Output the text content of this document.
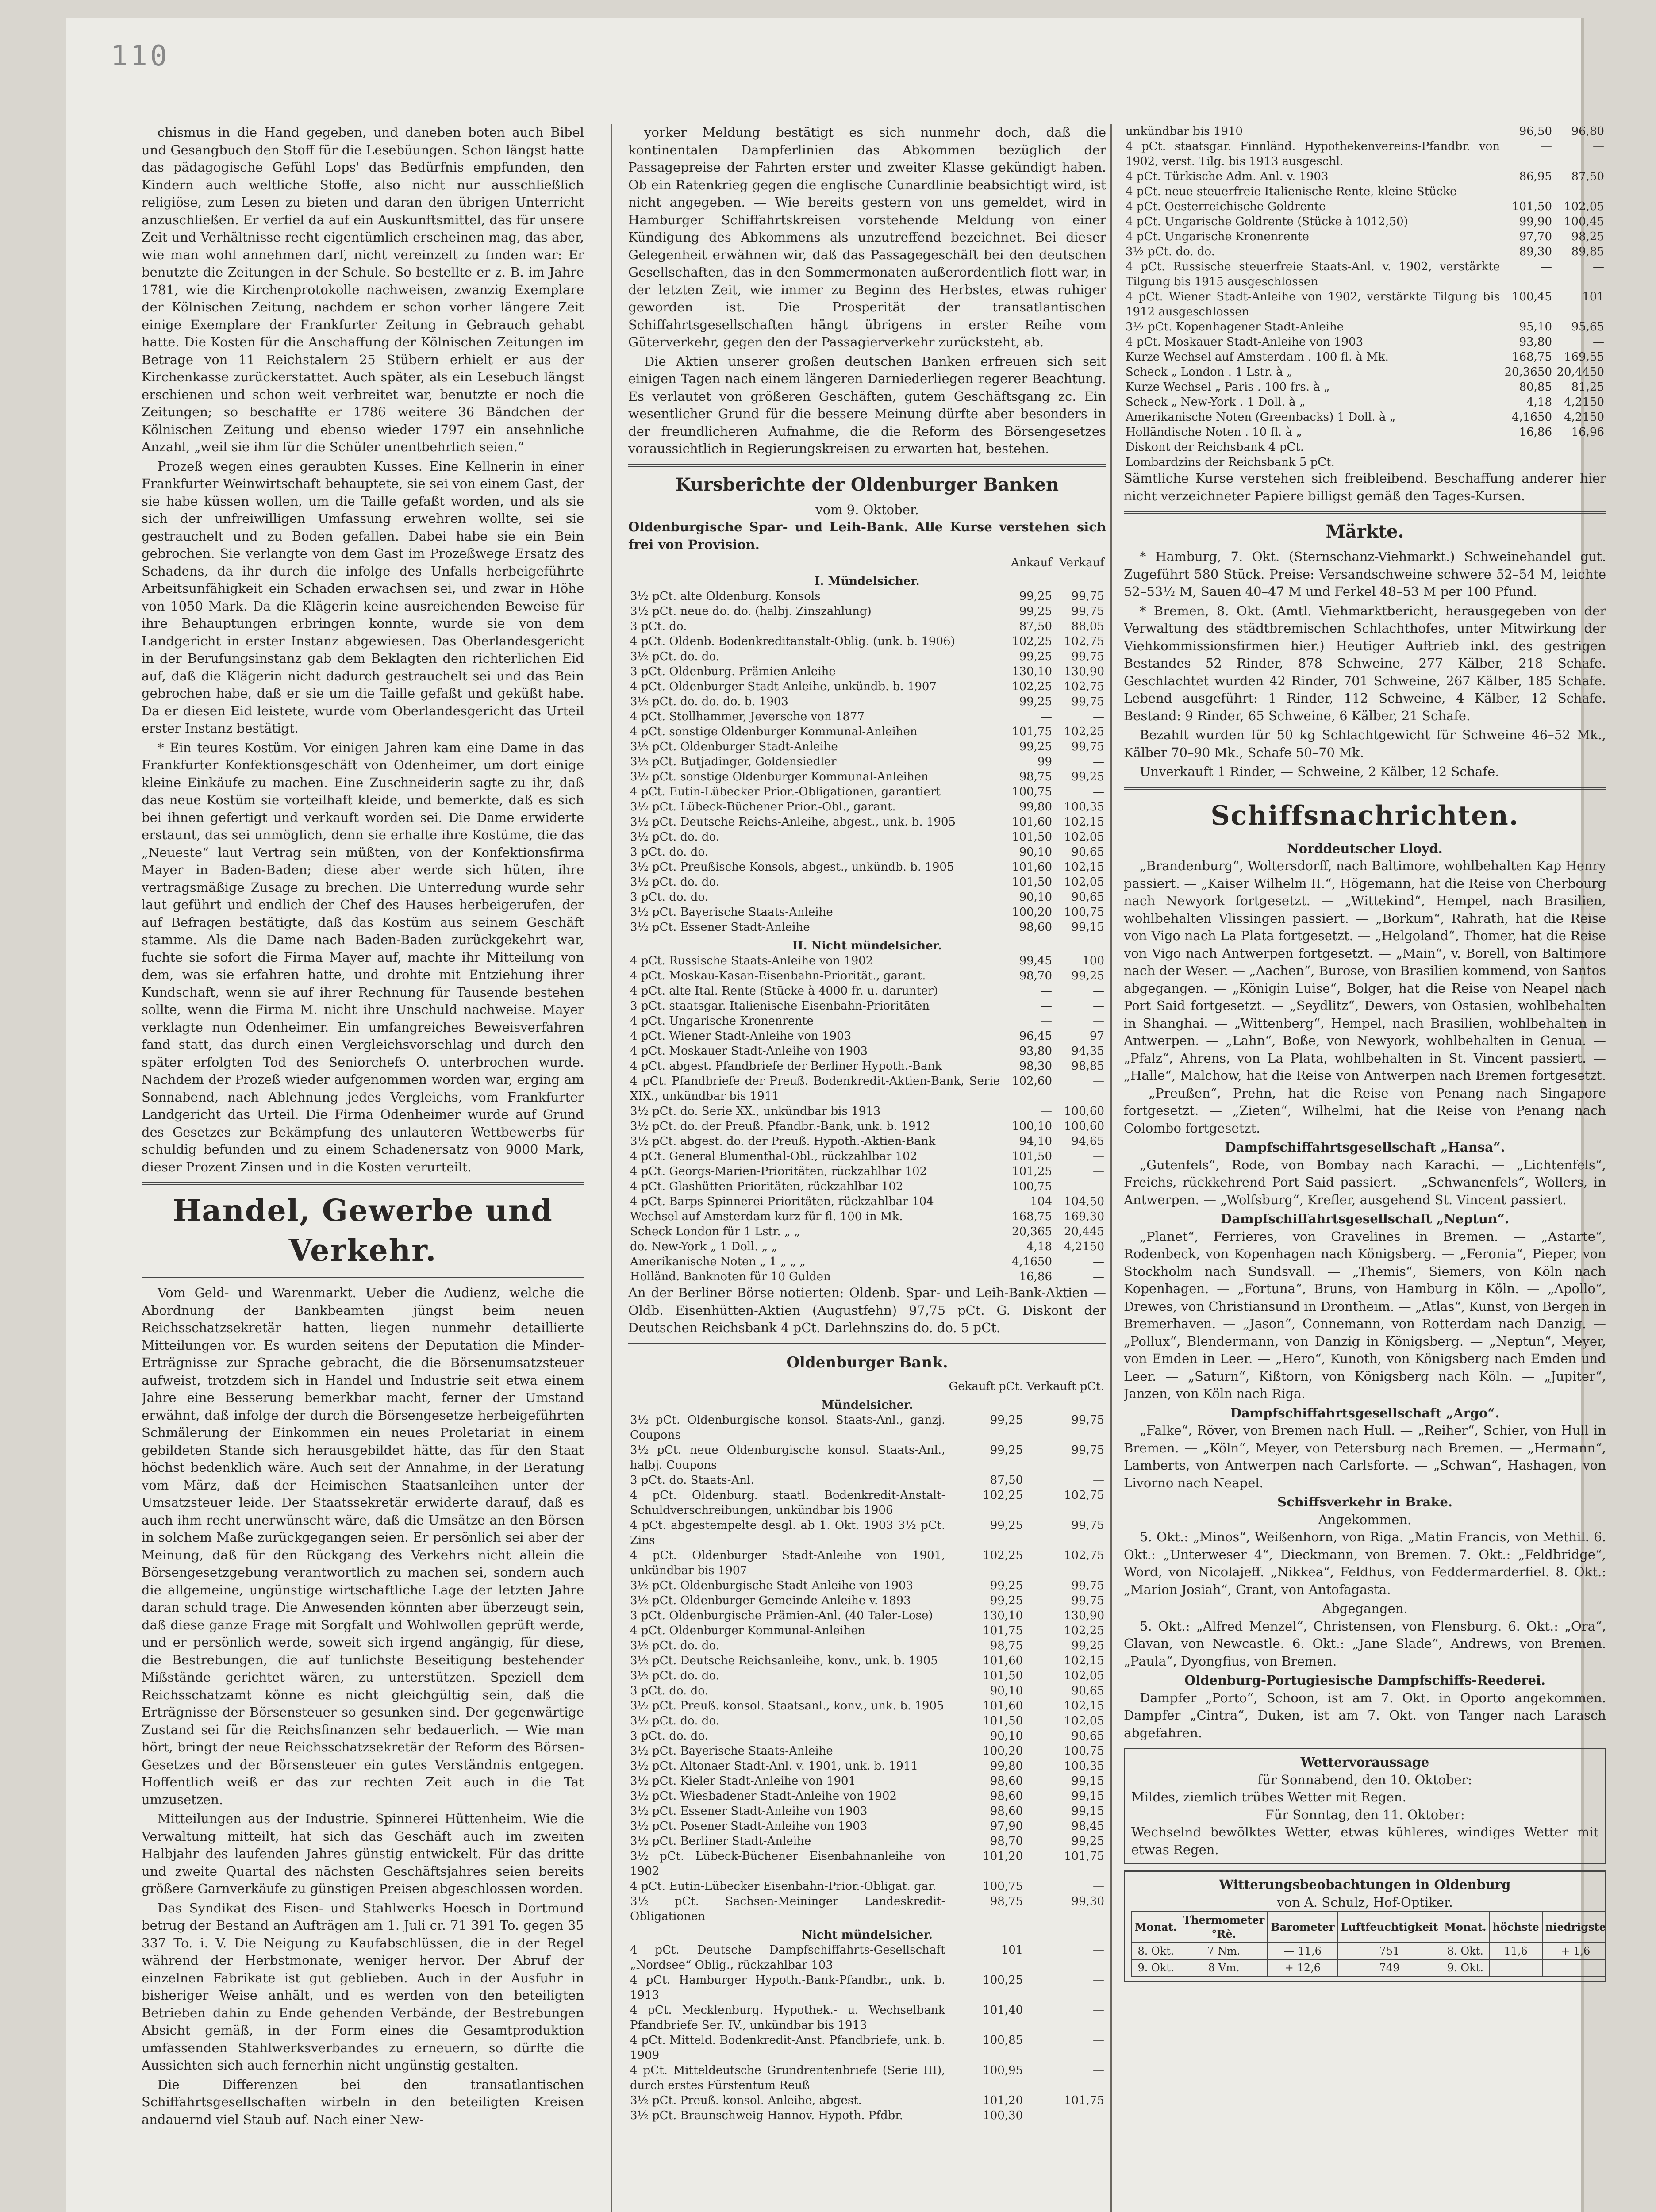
110

chismus in die Hand gegeben, und daneben boten auch Bibel und Gesangbuch den Stoff für die Lesebüungen. Schon längst hatte das pädagogische Gefühl Lops' das Bedürfnis empfunden, den Kindern auch weltliche Stoffe, also nicht nur ausschließlich religiöse, zum Lesen zu bieten und daran den übrigen Unterricht anzuschließen. Er verfiel da auf ein Auskunftsmittel, das für unsere Zeit und Verhältnisse recht eigentümlich erscheinen mag, das aber, wie man wohl annehmen darf, nicht vereinzelt zu finden war: Er benutzte die Zeitungen in der Schule. So bestellte er z. B. im Jahre 1781, wie die Kirchenprotokolle nachweisen, zwanzig Exemplare der Kölnischen Zeitung, nachdem er schon vorher längere Zeit einige Exemplare der Frankfurter Zeitung in Gebrauch gehabt hatte. Die Kosten für die Anschaffung der Kölnischen Zeitungen im Betrage von 11 Reichstalern 25 Stübern erhielt er aus der Kirchenkasse zurückerstattet. Auch später, als ein Lesebuch längst erschienen und schon weit verbreitet war, benutzte er noch die Zeitungen; so beschaffte er 1786 weitere 36 Bändchen der Kölnischen Zeitung und ebenso wieder 1797 ein ansehnliche Anzahl, „weil sie ihm für die Schüler unentbehrlich seien.“

Prozeß wegen eines geraubten Kusses. Eine Kellnerin in einer Frankfurter Weinwirtschaft behauptete, sie sei von einem Gast, der sie habe küssen wollen, um die Taille gefaßt worden, und als sie sich der unfreiwilligen Umfassung erwehren wollte, sei sie gestrauchelt und zu Boden gefallen. Dabei habe sie ein Bein gebrochen. Sie verlangte von dem Gast im Prozeßwege Ersatz des Schadens, da ihr durch die infolge des Unfalls herbeigeführte Arbeitsunfähigkeit ein Schaden erwachsen sei, und zwar in Höhe von 1050 Mark. Da die Klägerin keine ausreichenden Beweise für ihre Behauptungen erbringen konnte, wurde sie von dem Landgericht in erster Instanz abgewiesen. Das Oberlandesgericht in der Berufungsinstanz gab dem Beklagten den richterlichen Eid auf, daß die Klägerin nicht dadurch gestrauchelt sei und das Bein gebrochen habe, daß er sie um die Taille gefaßt und geküßt habe. Da er diesen Eid leistete, wurde vom Oberlandesgericht das Urteil erster Instanz bestätigt.

* Ein teures Kostüm. Vor einigen Jahren kam eine Dame in das Frankfurter Konfektionsgeschäft von Odenheimer, um dort einige kleine Einkäufe zu machen. Eine Zuschneiderin sagte zu ihr, daß das neue Kostüm sie vorteilhaft kleide, und bemerkte, daß es sich bei ihnen gefertigt und verkauft worden sei. Die Dame erwiderte erstaunt, das sei unmöglich, denn sie erhalte ihre Kostüme, die das „Neueste“ laut Vertrag sein müßten, von der Konfektionsfirma Mayer in Baden-Baden; diese aber werde sich hüten, ihre vertragsmäßige Zusage zu brechen. Die Unterredung wurde sehr laut geführt und endlich der Chef des Hauses herbeigerufen, der auf Befragen bestätigte, daß das Kostüm aus seinem Geschäft stamme. Als die Dame nach Baden-Baden zurückgekehrt war, fuchte sie sofort die Firma Mayer auf, machte ihr Mitteilung von dem, was sie erfahren hatte, und drohte mit Entziehung ihrer Kundschaft, wenn sie auf ihrer Rechnung für Tausende bestehen sollte, wenn die Firma M. nicht ihre Unschuld nachweise. Mayer verklagte nun Odenheimer. Ein umfangreiches Beweisverfahren fand statt, das durch einen Vergleichsvorschlag und durch den später erfolgten Tod des Seniorchefs O. unterbrochen wurde. Nachdem der Prozeß wieder aufgenommen worden war, erging am Sonnabend, nach Ablehnung jedes Vergleichs, vom Frankfurter Landgericht das Urteil. Die Firma Odenheimer wurde auf Grund des Gesetzes zur Bekämpfung des unlauteren Wettbewerbs für schuldig befunden und zu einem Schadenersatz von 9000 Mark, dieser Prozent Zinsen und in die Kosten verurteilt.

Handel, Gewerbe und Verkehr.

Vom Geld- und Warenmarkt. Ueber die Audienz, welche die Abordnung der Bankbeamten jüngst beim neuen Reichsschatzsekretär hatten, liegen nunmehr detaillierte Mitteilungen vor. Es wurden seitens der Deputation die Minder-Erträgnisse zur Sprache gebracht, die die Börsenumsatzsteuer aufweist, trotzdem sich in Handel und Industrie seit etwa einem Jahre eine Besserung bemerkbar macht, ferner der Umstand erwähnt, daß infolge der durch die Börsengesetze herbeigeführten Schmälerung der Einkommen ein neues Proletariat in einem gebildeten Stande sich herausgebildet hätte, das für den Staat höchst bedenklich wäre. Auch seit der Annahme, in der Beratung vom März, daß der Heimischen Staatsanleihen unter der Umsatzsteuer leide. Der Staatssekretär erwiderte darauf, daß es auch ihm recht unerwünscht wäre, daß die Umsätze an den Börsen in solchem Maße zurückgegangen seien. Er persönlich sei aber der Meinung, daß für den Rückgang des Verkehrs nicht allein die Börsengesetzgebung verantwortlich zu machen sei, sondern auch die allgemeine, ungünstige wirtschaftliche Lage der letzten Jahre daran schuld trage. Die Anwesenden könnten aber überzeugt sein, daß diese ganze Frage mit Sorgfalt und Wohlwollen geprüft werde, und er persönlich werde, soweit sich irgend angängig, für diese, die Bestrebungen, die auf tunlichste Beseitigung bestehender Mißstände gerichtet wären, zu unterstützen. Speziell dem Reichsschatzamt könne es nicht gleichgültig sein, daß die Erträgnisse der Börsensteuer so gesunken sind. Der gegenwärtige Zustand sei für die Reichsfinanzen sehr bedauerlich. — Wie man hört, bringt der neue Reichsschatzsekretär der Reform des Börsen-Gesetzes und der Börsensteuer ein gutes Verständnis entgegen. Hoffentlich weiß er das zur rechten Zeit auch in die Tat umzusetzen.

Mitteilungen aus der Industrie. Spinnerei Hüttenheim. Wie die Verwaltung mitteilt, hat sich das Geschäft auch im zweiten Halbjahr des laufenden Jahres günstig entwickelt. Für das dritte und zweite Quartal des nächsten Geschäftsjahres seien bereits größere Garnverkäufe zu günstigen Preisen abgeschlossen worden.

Das Syndikat des Eisen- und Stahlwerks Hoesch in Dortmund betrug der Bestand an Aufträgen am 1. Juli cr. 71 391 To. gegen 35 337 To. i. V. Die Neigung zu Kaufabschlüssen, die in der Regel während der Herbstmonate, weniger hervor. Der Abruf der einzelnen Fabrikate ist gut geblieben. Auch in der Ausfuhr in bisheriger Weise anhält, und es werden von den beteiligten Betrieben dahin zu Ende gehenden Verbände, der Bestrebungen Absicht gemäß, in der Form eines die Gesamtproduktion umfassenden Stahlwerksverbandes zu erneuern, so dürfte die Aussichten sich auch fernerhin nicht ungünstig gestalten.

Die Differenzen bei den transatlantischen Schiffahrtsgesellschaften wirbeln in den beteiligten Kreisen andauernd viel Staub auf. Nach einer New-

yorker Meldung bestätigt es sich nunmehr doch, daß die kontinentalen Dampferlinien das Abkommen bezüglich der Passagepreise der Fahrten erster und zweiter Klasse gekündigt haben. Ob ein Ratenkrieg gegen die englische Cunardlinie beabsichtigt wird, ist nicht angegeben. — Wie bereits gestern von uns gemeldet, wird in Hamburger Schiffahrtskreisen vorstehende Meldung von einer Kündigung des Abkommens als unzutreffend bezeichnet. Bei dieser Gelegenheit erwähnen wir, daß das Passagegeschäft bei den deutschen Gesellschaften, das in den Sommermonaten außerordentlich flott war, in der letzten Zeit, wie immer zu Beginn des Herbstes, etwas ruhiger geworden ist. Die Prosperität der transatlantischen Schiffahrtsgesellschaften hängt übrigens in erster Reihe vom Güterverkehr, gegen den der Passagierverkehr zurücksteht, ab.

Die Aktien unserer großen deutschen Banken erfreuen sich seit einigen Tagen nach einem längeren Darniederliegen regerer Beachtung. Es verlautet von größeren Geschäften, gutem Geschäftsgang zc. Ein wesentlicher Grund für die bessere Meinung dürfte aber besonders in der freundlicheren Aufnahme, die die Reform des Börsengesetzes voraussichtlich in Regierungskreisen zu erwarten hat, bestehen.

Kursberichte der Oldenburger Banken
vom 9. Oktober.

Oldenburgische Spar- und Leih-Bank. Alle Kurse verstehen sich frei von Provision.

	Ankauf	Verkauf
I. Mündelsicher.		
3½ pCt. alte Oldenburg. Konsols	99,25	99,75
3½ pCt. neue do. do. (halbj. Zinszahlung)	99,25	99,75
3 pCt. do.	87,50	88,05
4 pCt. Oldenb. Bodenkreditanstalt-Oblig. (unk. b. 1906)	102,25	102,75
3½ pCt. do. do.	99,25	99,75
3 pCt. Oldenburg. Prämien-Anleihe	130,10	130,90
4 pCt. Oldenburger Stadt-Anleihe, unkündb. b. 1907	102,25	102,75
3½ pCt. do. do. do. b. 1903	99,25	99,75
4 pCt. Stollhammer, Jeversche von 1877	—	—
4 pCt. sonstige Oldenburger Kommunal-Anleihen	101,75	102,25
3½ pCt. Oldenburger Stadt-Anleihe	99,25	99,75
3½ pCt. Butjadinger, Goldensiedler	99	—
3½ pCt. sonstige Oldenburger Kommunal-Anleihen	98,75	99,25
4 pCt. Eutin-Lübecker Prior.-Obligationen, garantiert	100,75	—
3½ pCt. Lübeck-Büchener Prior.-Obl., garant.	99,80	100,35
3½ pCt. Deutsche Reichs-Anleihe, abgest., unk. b. 1905	101,60	102,15
3½ pCt. do. do.	101,50	102,05
3 pCt. do. do.	90,10	90,65
3½ pCt. Preußische Konsols, abgest., unkündb. b. 1905	101,60	102,15
3½ pCt. do. do.	101,50	102,05
3 pCt. do. do.	90,10	90,65
3½ pCt. Bayerische Staats-Anleihe	100,20	100,75
3½ pCt. Essener Stadt-Anleihe	98,60	99,15
II. Nicht mündelsicher.		
4 pCt. Russische Staats-Anleihe von 1902	99,45	100
4 pCt. Moskau-Kasan-Eisenbahn-Priorität., garant.	98,70	99,25
4 pCt. alte Ital. Rente (Stücke à 4000 fr. u. darunter)	—	—
3 pCt. staatsgar. Italienische Eisenbahn-Prioritäten	—	—
4 pCt. Ungarische Kronenrente	—	—
4 pCt. Wiener Stadt-Anleihe von 1903	96,45	97
4 pCt. Moskauer Stadt-Anleihe von 1903	93,80	94,35
4 pCt. abgest. Pfandbriefe der Berliner Hypoth.-Bank	98,30	98,85
4 pCt. Pfandbriefe der Preuß. Bodenkredit-Aktien-Bank, Serie XIX., unkündbar bis 1911	102,60	—
3½ pCt. do. Serie XX., unkündbar bis 1913	—	100,60
3½ pCt. do. der Preuß. Pfandbr.-Bank, unk. b. 1912	100,10	100,60
3½ pCt. abgest. do. der Preuß. Hypoth.-Aktien-Bank	94,10	94,65
4 pCt. General Blumenthal-Obl., rückzahlbar 102	101,50	—
4 pCt. Georgs-Marien-Prioritäten, rückzahlbar 102	101,25	—
4 pCt. Glashütten-Prioritäten, rückzahlbar 102	100,75	—
4 pCt. Barps-Spinnerei-Prioritäten, rückzahlbar 104	104	104,50
Wechsel auf Amsterdam kurz für fl. 100 in Mk.	168,75	169,30
Scheck London für 1 Lstr. „ „	20,365	20,445
do. New-York „ 1 Doll. „ „	4,18	4,2150
Amerikanische Noten „ 1 „ „ „	4,1650	—
Holländ. Banknoten für 10 Gulden	16,86	—

An der Berliner Börse notierten: Oldenb. Spar- und Leih-Bank-Aktien — Oldb. Eisenhütten-Aktien (Augustfehn) 97,75 pCt. G. Diskont der Deutschen Reichsbank 4 pCt. Darlehnszins do. do. 5 pCt.

Oldenburger Bank.
	Gekauft pCt.	Verkauft pCt.
Mündelsicher.		
3½ pCt. Oldenburgische konsol. Staats-Anl., ganzj. Coupons	99,25	99,75
3½ pCt. neue Oldenburgische konsol. Staats-Anl., halbj. Coupons	99,25	99,75
3 pCt. do. Staats-Anl.	87,50	—
4 pCt. Oldenburg. staatl. Bodenkredit-Anstalt-Schuldverschreibungen, unkündbar bis 1906	102,25	102,75
4 pCt. abgestempelte desgl. ab 1. Okt. 1903 3½ pCt. Zins	99,25	99,75
4 pCt. Oldenburger Stadt-Anleihe von 1901, unkündbar bis 1907	102,25	102,75
3½ pCt. Oldenburgische Stadt-Anleihe von 1903	99,25	99,75
3½ pCt. Oldenburger Gemeinde-Anleihe v. 1893	99,25	99,75
3 pCt. Oldenburgische Prämien-Anl. (40 Taler-Lose)	130,10	130,90
4 pCt. Oldenburger Kommunal-Anleihen	101,75	102,25
3½ pCt. do. do.	98,75	99,25
3½ pCt. Deutsche Reichsanleihe, konv., unk. b. 1905	101,60	102,15
3½ pCt. do. do.	101,50	102,05
3 pCt. do. do.	90,10	90,65
3½ pCt. Preuß. konsol. Staatsanl., konv., unk. b. 1905	101,60	102,15
3½ pCt. do. do.	101,50	102,05
3 pCt. do. do.	90,10	90,65
3½ pCt. Bayerische Staats-Anleihe	100,20	100,75
3½ pCt. Altonaer Stadt-Anl. v. 1901, unk. b. 1911	99,80	100,35
3½ pCt. Kieler Stadt-Anleihe von 1901	98,60	99,15
3½ pCt. Wiesbadener Stadt-Anleihe von 1902	98,60	99,15
3½ pCt. Essener Stadt-Anleihe von 1903	98,60	99,15
3½ pCt. Posener Stadt-Anleihe von 1903	97,90	98,45
3½ pCt. Berliner Stadt-Anleihe	98,70	99,25
3½ pCt. Lübeck-Büchener Eisenbahnanleihe von 1902	101,20	101,75
4 pCt. Eutin-Lübecker Eisenbahn-Prior.-Obligat. gar.	100,75	—
3½ pCt. Sachsen-Meininger Landeskredit-Obligationen	98,75	99,30
Nicht mündelsicher.		
4 pCt. Deutsche Dampfschiffahrts-Gesellschaft „Nordsee“ Oblig., rückzahlbar 103	101	—
4 pCt. Hamburger Hypoth.-Bank-Pfandbr., unk. b. 1913	100,25	—
4 pCt. Mecklenburg. Hypothek.- u. Wechselbank Pfandbriefe Ser. IV., unkündbar bis 1913	101,40	—
4 pCt. Mitteld. Bodenkredit-Anst. Pfandbriefe, unk. b. 1909	100,85	—
4 pCt. Mitteldeutsche Grundrentenbriefe (Serie III), durch erstes Fürstentum Reuß	100,95	—
3½ pCt. Preuß. konsol. Anleihe, abgest.	101,20	101,75
3½ pCt. Braunschweig-Hannov. Hypoth. Pfdbr.	100,30	—
unkündbar bis 1910	96,50	96,80
4 pCt. staatsgar. Finnländ. Hypothekenvereins-Pfandbr. von 1902, verst. Tilg. bis 1913 ausgeschl.	—	—
4 pCt. Türkische Adm. Anl. v. 1903	86,95	87,50
4 pCt. neue steuerfreie Italienische Rente, kleine Stücke	—	—
4 pCt. Oesterreichische Goldrente	101,50	102,05
4 pCt. Ungarische Goldrente (Stücke à 1012,50)	99,90	100,45
4 pCt. Ungarische Kronenrente	97,70	98,25
3½ pCt. do. do.	89,30	89,85
4 pCt. Russische steuerfreie Staats-Anl. v. 1902, verstärkte Tilgung bis 1915 ausgeschlossen	—	—
4 pCt. Wiener Stadt-Anleihe von 1902, verstärkte Tilgung bis 1912 ausgeschlossen	100,45	101
3½ pCt. Kopenhagener Stadt-Anleihe	95,10	95,65
4 pCt. Moskauer Stadt-Anleihe von 1903	93,80	—
Kurze Wechsel auf Amsterdam . 100 fl. à Mk.	168,75	169,55
Scheck „ London . 1 Lstr. à „	20,3650	20,4450
Kurze Wechsel „ Paris . 100 frs. à „	80,85	81,25
Scheck „ New-York . 1 Doll. à „	4,18	4,2150
Amerikanische Noten (Greenbacks) 1 Doll. à „	4,1650	4,2150
Holländische Noten . 10 fl. à „	16,86	16,96
Diskont der Reichsbank 4 pCt.		
Lombardzins der Reichsbank 5 pCt.		

Sämtliche Kurse verstehen sich freibleibend. Beschaffung anderer hier nicht verzeichneter Papiere billigst gemäß den Tages-Kursen.

Märkte.

* Hamburg, 7. Okt. (Sternschanz-Viehmarkt.) Schweinehandel gut. Zugeführt 580 Stück. Preise: Versandschweine schwere 52–54 M, leichte 52–53½ M, Sauen 40–47 M und Ferkel 48–53 M per 100 Pfund.

* Bremen, 8. Okt. (Amtl. Viehmarktbericht, herausgegeben von der Verwaltung des städtbremischen Schlachthofes, unter Mitwirkung der Viehkommissionsfirmen hier.) Heutiger Auftrieb inkl. des gestrigen Bestandes 52 Rinder, 878 Schweine, 277 Kälber, 218 Schafe. Geschlachtet wurden 42 Rinder, 701 Schweine, 267 Kälber, 185 Schafe. Lebend ausgeführt: 1 Rinder, 112 Schweine, 4 Kälber, 12 Schafe. Bestand: 9 Rinder, 65 Schweine, 6 Kälber, 21 Schafe.

Bezahlt wurden für 50 kg Schlachtgewicht für Schweine 46–52 Mk., Kälber 70–90 Mk., Schafe 50–70 Mk.

Unverkauft 1 Rinder, — Schweine, 2 Kälber, 12 Schafe.

Schiffsnachrichten.
Norddeutscher Lloyd.

„Brandenburg“, Woltersdorff, nach Baltimore, wohlbehalten Kap Henry passiert. — „Kaiser Wilhelm II.“, Högemann, hat die Reise von Cherbourg nach Newyork fortgesetzt. — „Wittekind“, Hempel, nach Brasilien, wohlbehalten Vlissingen passiert. — „Borkum“, Rahrath, hat die Reise von Vigo nach La Plata fortgesetzt. — „Helgoland“, Thomer, hat die Reise von Vigo nach Antwerpen fortgesetzt. — „Main“, v. Borell, von Baltimore nach der Weser. — „Aachen“, Burose, von Brasilien kommend, von Santos abgegangen. — „Königin Luise“, Bolger, hat die Reise von Neapel nach Port Said fortgesetzt. — „Seydlitz“, Dewers, von Ostasien, wohlbehalten in Shanghai. — „Wittenberg“, Hempel, nach Brasilien, wohlbehalten in Antwerpen. — „Lahn“, Boße, von Newyork, wohlbehalten in Genua. — „Pfalz“, Ahrens, von La Plata, wohlbehalten in St. Vincent passiert. — „Halle“, Malchow, hat die Reise von Antwerpen nach Bremen fortgesetzt. — „Preußen“, Prehn, hat die Reise von Penang nach Singapore fortgesetzt. — „Zieten“, Wilhelmi, hat die Reise von Penang nach Colombo fortgesetzt.

Dampfschiffahrtsgesellschaft „Hansa“.

„Gutenfels“, Rode, von Bombay nach Karachi. — „Lichtenfels“, Freichs, rückkehrend Port Said passiert. — „Schwanenfels“, Wollers, in Antwerpen. — „Wolfsburg“, Krefler, ausgehend St. Vincent passiert.

Dampfschiffahrtsgesellschaft „Neptun“.

„Planet“, Ferrieres, von Gravelines in Bremen. — „Astarte“, Rodenbeck, von Kopenhagen nach Königsberg. — „Feronia“, Pieper, von Stockholm nach Sundsvall. — „Themis“, Siemers, von Köln nach Kopenhagen. — „Fortuna“, Bruns, von Hamburg in Köln. — „Apollo“, Drewes, von Christiansund in Drontheim. — „Atlas“, Kunst, von Bergen in Bremerhaven. — „Jason“, Connemann, von Rotterdam nach Danzig. — „Pollux“, Blendermann, von Danzig in Königsberg. — „Neptun“, Meyer, von Emden in Leer. — „Hero“, Kunoth, von Königsberg nach Emden und Leer. — „Saturn“, Kißtorn, von Königsberg nach Köln. — „Jupiter“, Janzen, von Köln nach Riga.

Dampfschiffahrtsgesellschaft „Argo“.

„Falke“, Röver, von Bremen nach Hull. — „Reiher“, Schier, von Hull in Bremen. — „Köln“, Meyer, von Petersburg nach Bremen. — „Hermann“, Lamberts, von Antwerpen nach Carlsforte. — „Schwan“, Hashagen, von Livorno nach Neapel.

Schiffsverkehr in Brake.
Angekommen.

5. Okt.: „Minos“, Weißenhorn, von Riga. „Matin Francis, von Methil. 6. Okt.: „Unterweser 4“, Dieckmann, von Bremen. 7. Okt.: „Feldbridge“, Word, von Nicolajeff. „Nikkea“, Feldhus, von Feddermarderfiel. 8. Okt.: „Marion Josiah“, Grant, von Antofagasta.

Abgegangen.

5. Okt.: „Alfred Menzel“, Christensen, von Flensburg. 6. Okt.: „Ora“, Glavan, von Newcastle. 6. Okt.: „Jane Slade“, Andrews, von Bremen. „Paula“, Dyongfius, von Bremen.

Oldenburg-Portugiesische Dampfschiffs-Reederei.

Dampfer „Porto“, Schoon, ist am 7. Okt. in Oporto angekommen. Dampfer „Cintra“, Duken, ist am 7. Okt. von Tanger nach Larasch abgefahren.

Wettervoraussage
für Sonnabend, den 10. Oktober:
Mildes, ziemlich trübes Wetter mit Regen.
Für Sonntag, den 11. Oktober:
Wechselnd bewölktes Wetter, etwas kühleres, windiges Wetter mit etwas Regen.
Witterungsbeobachtungen in Oldenburg
von A. Schulz, Hof-Optiker.
Monat.	Thermometer °Rè.	Barometer	Luftfeuchtigkeit	Monat.	höchste	niedrigste
8. Okt.	7 Nm.	— 11,6	751	8. Okt.	11,6	+ 1,6
9. Okt.	8 Vm.	+ 12,6	749	9. Okt.		
